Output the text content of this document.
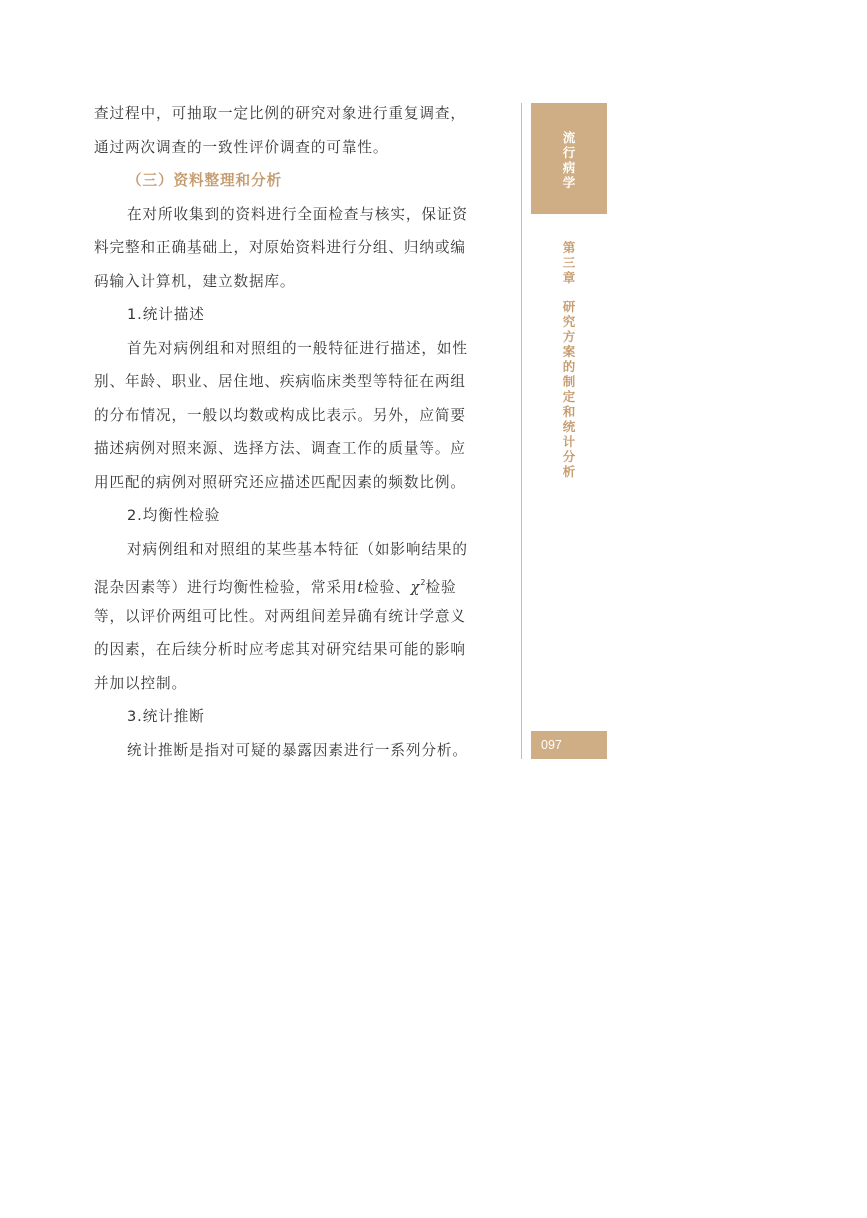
查过程中，可抽取一定比例的研究对象进行重复调查，
通过两次调查的一致性评价调查的可靠性。
（三）资料整理和分析
在对所收集到的资料进行全面检查与核实，保证资
料完整和正确基础上，对原始资料进行分组、归纳或编
码输入计算机，建立数据库。
1.统计描述
首先对病例组和对照组的一般特征进行描述，如性
别、年龄、职业、居住地、疾病临床类型等特征在两组
的分布情况，一般以均数或构成比表示。另外，应简要
描述病例对照来源、选择方法、调查工作的质量等。应
用匹配的病例对照研究还应描述匹配因素的频数比例。
2.均衡性检验
对病例组和对照组的某些基本特征（如影响结果的
混杂因素等）进行均衡性检验，常采用t检验、$\chi^2$检验
等，以评价两组可比性。对两组间差异确有统计学意义
的因素，在后续分析时应考虑其对研究结果可能的影响
并加以控制。
3.统计推断
统计推断是指对可疑的暴露因素进行一系列分析。
流
行
病
学
第
三
章
研
究
方
案
的
制
定
和
统
计
分
析
097
